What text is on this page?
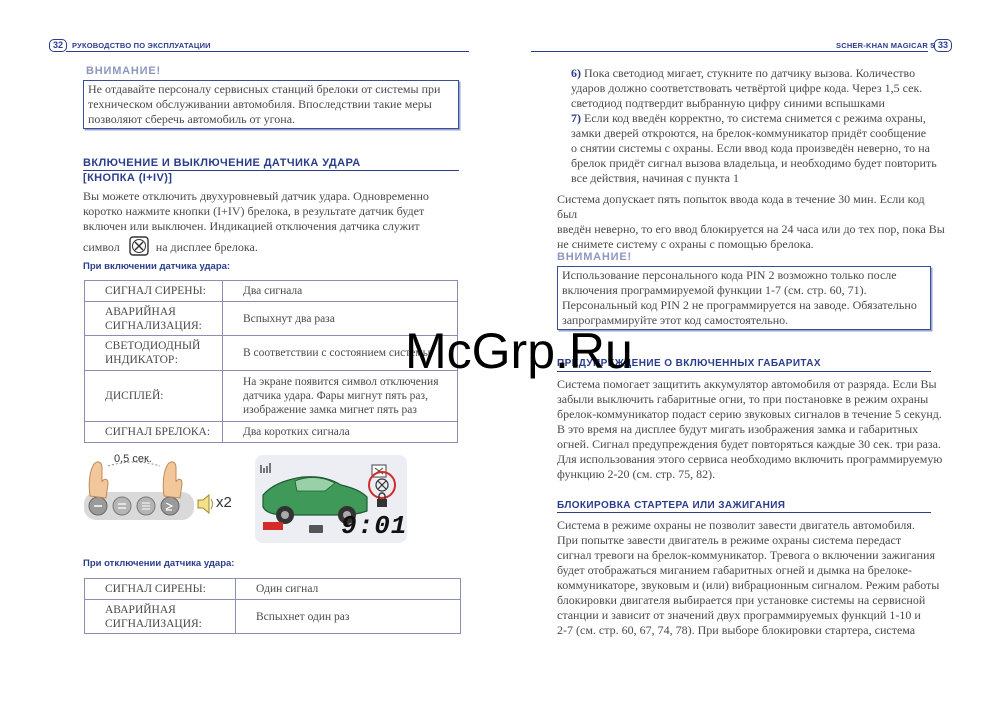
32	РУКОВОДСТВО ПО ЭКСПЛУАТАЦИИ
ВНИМАНИЕ!
Не отдавайте персоналу сервисных станций брелоки от системы при
техническом обслуживании автомобиля. Впоследствии такие меры
позволяют сберечь автомобиль от угона.
ВКЛЮЧЕНИЕ И ВЫКЛЮЧЕНИЕ ДАТЧИКА УДАРА
[КНОПКА (I+IV)]
Вы можете отключить двухуровневый датчик удара. Одновременно
коротко нажмите кнопки (I+IV) брелока, в результате датчик будет
включен или выключен. Индикацией отключения датчика служит
символ	на дисплее брелока.
При включении датчика удара:
СИГНАЛ СИРЕНЫ:	Два сигнала
АВАРИЙНАЯ
СИГНАЛИЗАЦИЯ:	Вспыхнут два раза
СВЕТОДИОДНЫЙ
ИНДИКАТОР:	В соответствии с состоянием системы
ДИСПЛЕЙ:	На экране появится символ отключения
датчика удара. Фары мигнут пять раз,
изображение замка мигнет пять раз
СИГНАЛ БРЕЛОКА:	Два коротких сигнала
0,5 сек.
x2
9:01
При отключении датчика удара:
СИГНАЛ СИРЕНЫ:	Один сигнал
АВАРИЙНАЯ
СИГНАЛИЗАЦИЯ:	Вспыхнет один раз
SCHER-KHAN MAGICAR 5 33
6) Пока светодиод мигает, стукните по датчику вызова. Количество
ударов должно соответствовать четвёртой цифре кода. Через 1,5 сек.
светодиод подтвердит выбранную цифру синими вспышками
7) Если код введён корректно, то система снимется с режима охраны,
замки дверей откроются, на брелок-коммуникатор придёт сообщение
о снятии системы с охраны. Если ввод кода произведён неверно, то на
брелок придёт сигнал вызова владельца, и необходимо будет повторить
все действия, начиная с пункта 1
Система допускает пять попыток ввода кода в течение 30 мин. Если код был
введён неверно, то его ввод блокируется на 24 часа или до тех пор, пока Вы
не снимете систему с охраны с помощью брелока.
ВНИМАНИЕ!
Использование персонального кода PIN 2 возможно только после
включения программируемой функции 1-7 (см. стр. 60, 71).
Персональный код PIN 2 не программируется на заводе. Обязательно
запрограммируйте этот код самостоятельно.
ПРЕДУПРЕЖДЕНИЕ О ВКЛЮЧЕННЫХ ГАБАРИТАХ
Система помогает защитить аккумулятор автомобиля от разряда. Если Вы
забыли выключить габаритные огни, то при постановке в режим охраны
брелок-коммуникатор подаст серию звуковых сигналов в течение 5 секунд.
В это время на дисплее будут мигать изображения замка и габаритных
огней. Сигнал предупреждения будет повторяться каждые 30 сек. три раза.
Для использования этого сервиса необходимо включить программируемую
функцию 2-20 (см. стр. 75, 82).
БЛОКИРОВКА СТАРТЕРА ИЛИ ЗАЖИГАНИЯ
Система в режиме охраны не позволит завести двигатель автомобиля.
При попытке завести двигатель в режиме охраны система передаст
сигнал тревоги на брелок-коммуникатор. Тревога о включении зажигания
будет отображаться миганием габаритных огней и дымка на брелоке-
коммуникаторе, звуковым и (или) вибрационным сигналом. Режим работы
блокировки двигателя выбирается при установке системы на сервисной
станции и зависит от значений двух программируемых функций 1-10 и
2-7 (см. стр. 60, 67, 74, 78). При выборе блокировки стартера, система
McGrp.Ru
